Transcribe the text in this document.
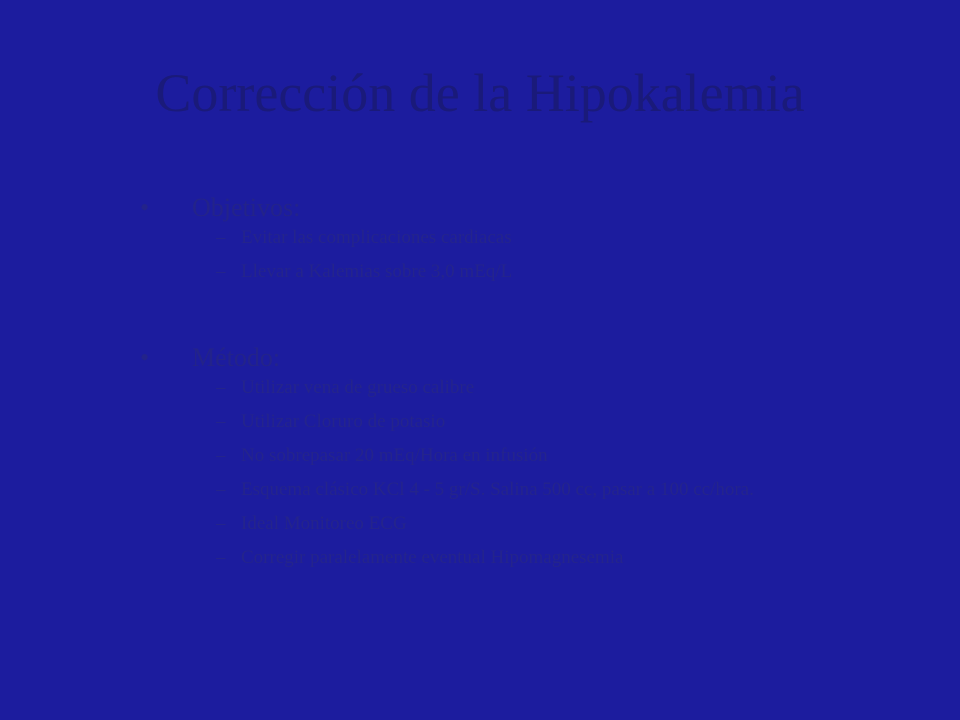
Corrección de la Hipokalemia
• Objetivos:
– Evitar las complicaciones cardiacas
– Llevar a Kalemias sobre 3,0 mEq/L
• Método:
– Utilizar vena de grueso calibre
– Utilizar Cloruro de potasio
– No sobrepasar 20 mEq/Hora en infusión
– Esquema clásico KCl 4 - 5 gr/S. Salina 500 cc, pasar a 100 cc/hora.
– Ideal Monitoreo ECG
– Corregir paralelamente eventual Hipomagnesemia
